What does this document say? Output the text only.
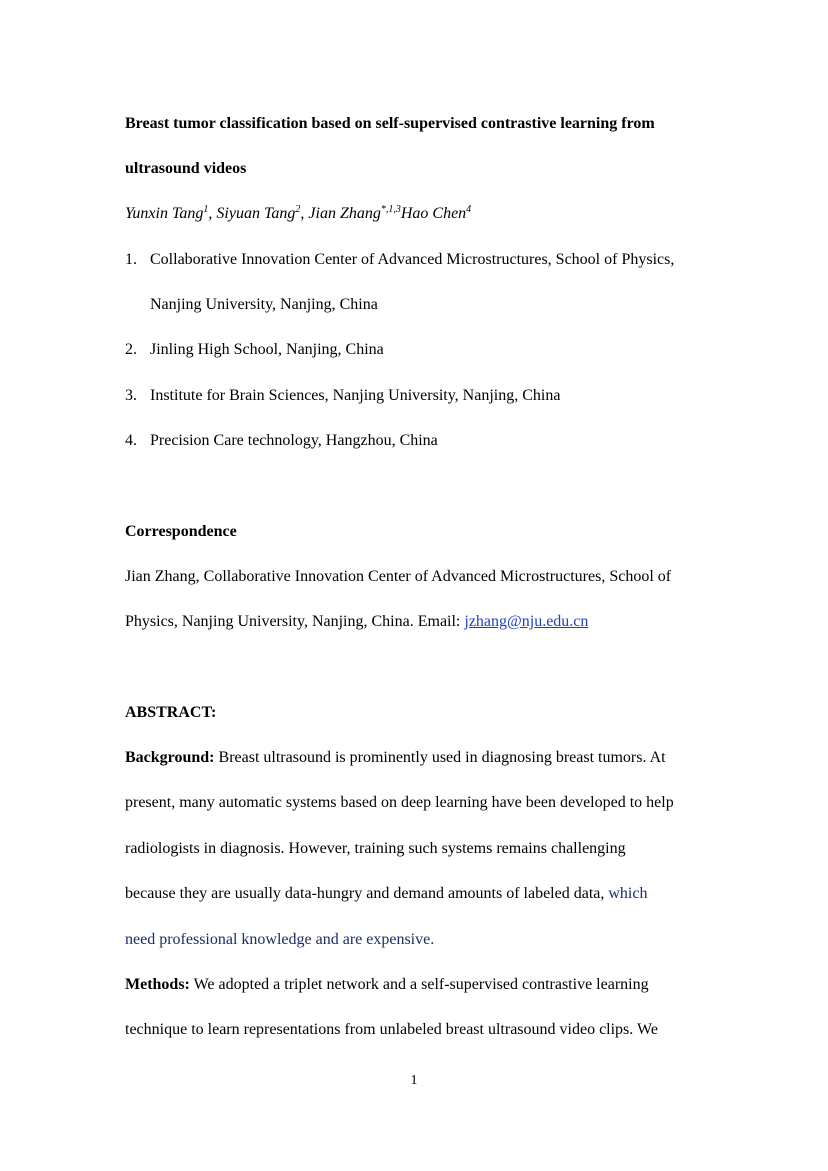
Breast tumor classification based on self-supervised contrastive learning from
ultrasound videos
Yunxin Tang$^1$, Siyuan Tang$^2$, Jian Zhang$^{*,1,3}$Hao Chen$^4$
1. Collaborative Innovation Center of Advanced Microstructures, School of Physics,
Nanjing University, Nanjing, China
2. Jinling High School, Nanjing, China
3. Institute for Brain Sciences, Nanjing University, Nanjing, China
4. Precision Care technology, Hangzhou, China
Correspondence
Jian Zhang, Collaborative Innovation Center of Advanced Microstructures, School of
Physics, Nanjing University, Nanjing, China. Email: jzhang@nju.edu.cn
ABSTRACT:
Background: Breast ultrasound is prominently used in diagnosing breast tumors. At
present, many automatic systems based on deep learning have been developed to help
radiologists in diagnosis. However, training such systems remains challenging
because they are usually data-hungry and demand amounts of labeled data, which
need professional knowledge and are expensive.
Methods: We adopted a triplet network and a self-supervised contrastive learning
technique to learn representations from unlabeled breast ultrasound video clips. We
1
